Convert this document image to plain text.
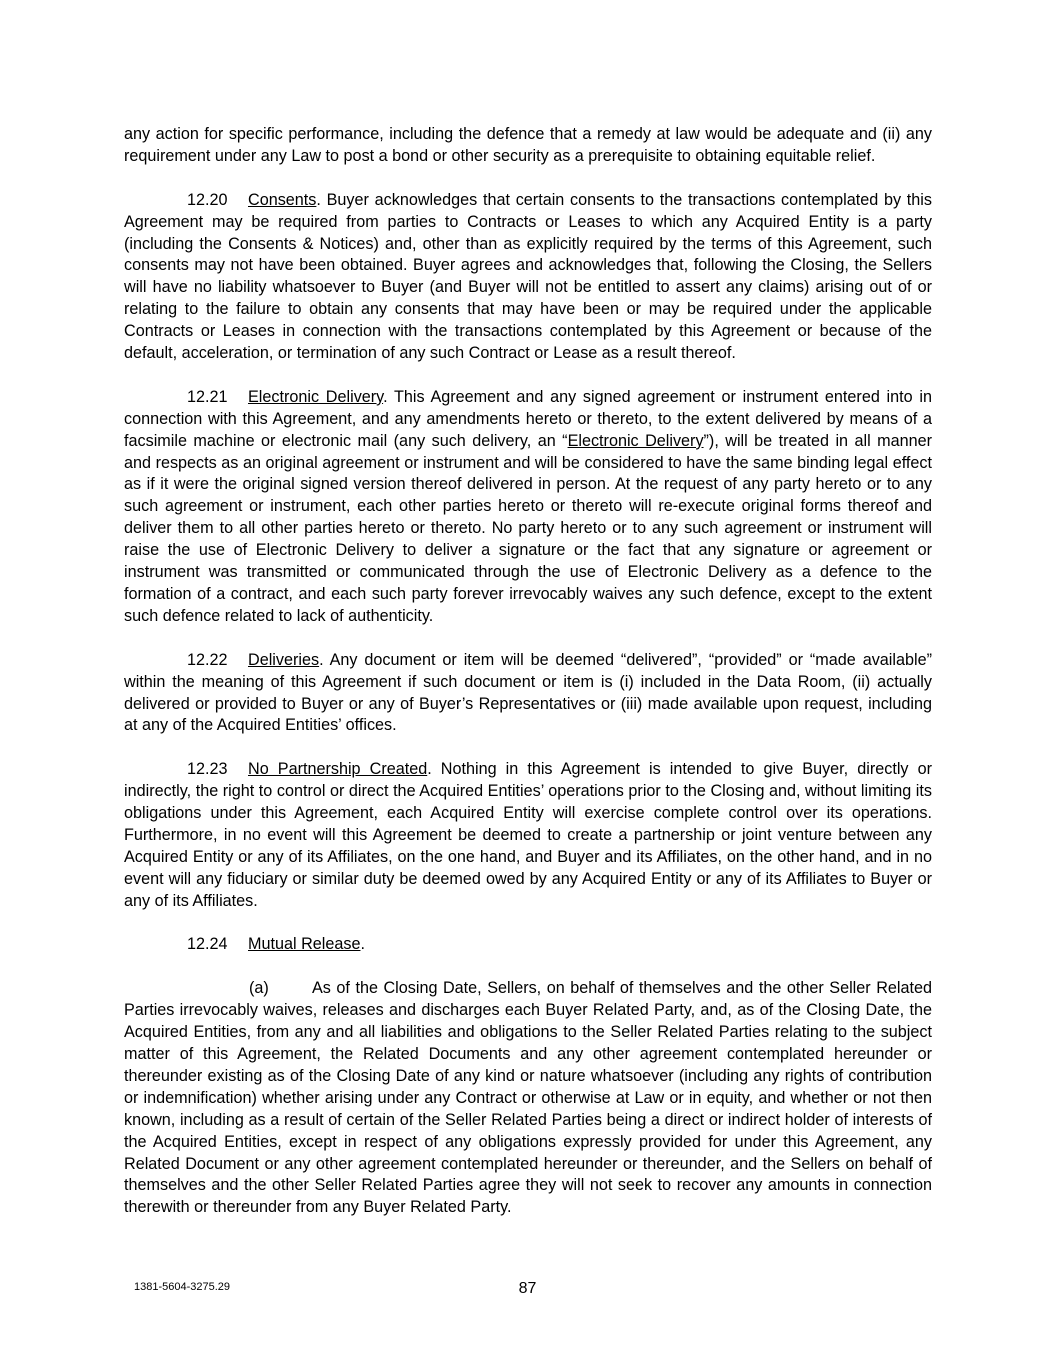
any action for specific performance, including the defence that a remedy at law would be adequate and (ii) any requirement under any Law to post a bond or other security as a prerequisite to obtaining equitable relief.

12.20 Consents. Buyer acknowledges that certain consents to the transactions contemplated by this Agreement may be required from parties to Contracts or Leases to which any Acquired Entity is a party (including the Consents & Notices) and, other than as explicitly required by the terms of this Agreement, such consents may not have been obtained. Buyer agrees and acknowledges that, following the Closing, the Sellers will have no liability whatsoever to Buyer (and Buyer will not be entitled to assert any claims) arising out of or relating to the failure to obtain any consents that may have been or may be required under the applicable Contracts or Leases in connection with the transactions contemplated by this Agreement or because of the default, acceleration, or termination of any such Contract or Lease as a result thereof.

12.21 Electronic Delivery. This Agreement and any signed agreement or instrument entered into in connection with this Agreement, and any amendments hereto or thereto, to the extent delivered by means of a facsimile machine or electronic mail (any such delivery, an “Electronic Delivery”), will be treated in all manner and respects as an original agreement or instrument and will be considered to have the same binding legal effect as if it were the original signed version thereof delivered in person. At the request of any party hereto or to any such agreement or instrument, each other parties hereto or thereto will re-execute original forms thereof and deliver them to all other parties hereto or thereto. No party hereto or to any such agreement or instrument will raise the use of Electronic Delivery to deliver a signature or the fact that any signature or agreement or instrument was transmitted or communicated through the use of Electronic Delivery as a defence to the formation of a contract, and each such party forever irrevocably waives any such defence, except to the extent such defence related to lack of authenticity.

12.22 Deliveries. Any document or item will be deemed “delivered”, “provided” or “made available” within the meaning of this Agreement if such document or item is (i) included in the Data Room, (ii) actually delivered or provided to Buyer or any of Buyer’s Representatives or (iii) made available upon request, including at any of the Acquired Entities’ offices.

12.23 No Partnership Created. Nothing in this Agreement is intended to give Buyer, directly or indirectly, the right to control or direct the Acquired Entities’ operations prior to the Closing and, without limiting its obligations under this Agreement, each Acquired Entity will exercise complete control over its operations. Furthermore, in no event will this Agreement be deemed to create a partnership or joint venture between any Acquired Entity or any of its Affiliates, on the one hand, and Buyer and its Affiliates, on the other hand, and in no event will any fiduciary or similar duty be deemed owed by any Acquired Entity or any of its Affiliates to Buyer or any of its Affiliates.

12.24 Mutual Release.

(a)	As of the Closing Date, Sellers, on behalf of themselves and the other Seller Related Parties irrevocably waives, releases and discharges each Buyer Related Party, and, as of the Closing Date, the Acquired Entities, from any and all liabilities and obligations to the Seller Related Parties relating to the subject matter of this Agreement, the Related Documents and any other agreement contemplated hereunder or thereunder existing as of the Closing Date of any kind or nature whatsoever (including any rights of contribution or indemnification) whether arising under any Contract or otherwise at Law or in equity, and whether or not then known, including as a result of certain of the Seller Related Parties being a direct or indirect holder of interests of the Acquired Entities, except in respect of any obligations expressly provided for under this Agreement, any Related Document or any other agreement contemplated hereunder or thereunder, and the Sellers on behalf of themselves and the other Seller Related Parties agree they will not seek to recover any amounts in connection therewith or thereunder from any Buyer Related Party.

1381-5604-3275.29	87
